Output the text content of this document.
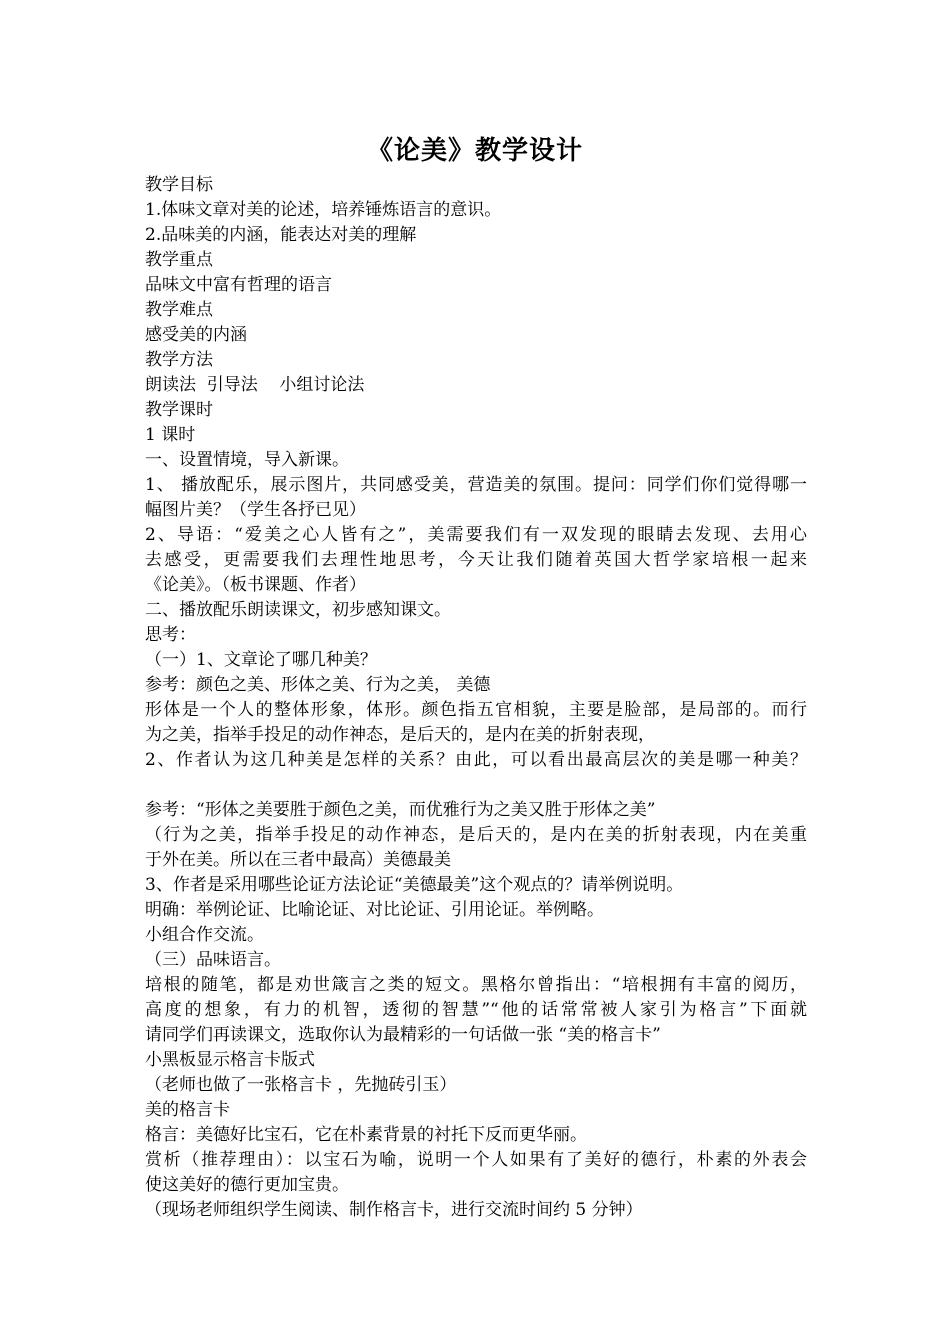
《论美》教学设计
教学目标
1.体味文章对美的论述，培养锤炼语言的意识。
2.品味美的内涵，能表达对美的理解
教学重点
品味文中富有哲理的语言
教学难点
感受美的内涵
教学方法
朗读法  引导法    小组讨论法
教学课时
1 课时
一、设置情境，导入新课。
1、 播放配乐，展示图片，共同感受美，营造美的氛围。提问：同学们你们觉得哪一
幅图片美？（学生各抒已见）
2、导语：“爱美之心人皆有之”，美需要我们有一双发现的眼睛去发现、去用心
去感受，更需要我们去理性地思考，今天让我们随着英国大哲学家培根一起来
《论美》。（板书课题、作者）
二、播放配乐朗读课文，初步感知课文。
思考：
（一）1、文章论了哪几种美？
参考：颜色之美、形体之美、行为之美， 美德
形体是一个人的整体形象，体形。颜色指五官相貌，主要是脸部，是局部的。而行
为之美，指举手投足的动作神态，是后天的，是内在美的折射表现，
2、作者认为这几种美是怎样的关系？由此，可以看出最高层次的美是哪一种美？
参考：“形体之美要胜于颜色之美，而优雅行为之美又胜于形体之美”
（行为之美，指举手投足的动作神态，是后天的，是内在美的折射表现，内在美重
于外在美。所以在三者中最高）美德最美
3、作者是采用哪些论证方法论证“美德最美”这个观点的？请举例说明。
明确：举例论证、比喻论证、对比论证、引用论证。举例略。
小组合作交流。
（三）品味语言。
培根的随笔，都是劝世箴言之类的短文。黑格尔曾指出：“培根拥有丰富的阅历，
高度的想象，有力的机智，透彻的智慧”“他的话常常被人家引为格言”下面就
请同学们再读课文，选取你认为最精彩的一句话做一张 “美的格言卡”
小黑板显示格言卡版式
（老师也做了一张格言卡 ，先抛砖引玉）
美的格言卡
格言：美德好比宝石，它在朴素背景的衬托下反而更华丽。
赏析（推荐理由）：以宝石为喻，说明一个人如果有了美好的德行，朴素的外表会
使这美好的德行更加宝贵。
（现场老师组织学生阅读、制作格言卡，进行交流时间约 5 分钟）
